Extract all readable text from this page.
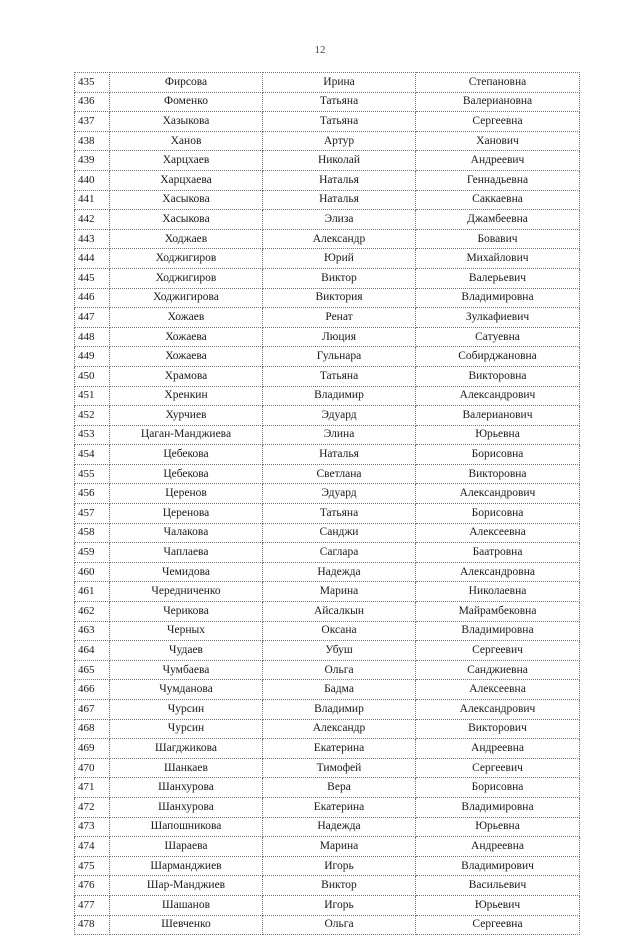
12
435	Фирсова	Ирина	Степановна
436	Фоменко	Татьяна	Валериановна
437	Хазыкова	Татьяна	Сергеевна
438	Ханов	Артур	Ханович
439	Харцхаев	Николай	Андреевич
440	Харцхаева	Наталья	Геннадьевна
441	Хасыкова	Наталья	Саккаевна
442	Хасыкова	Элиза	Джамбеевна
443	Ходжаев	Александр	Бовавич
444	Ходжигиров	Юрий	Михайлович
445	Ходжигиров	Виктор	Валерьевич
446	Ходжигирова	Виктория	Владимировна
447	Хожаев	Ренат	Зулкафиевич
448	Хожаева	Люция	Сатуевна
449	Хожаева	Гульнара	Собирджановна
450	Храмова	Татьяна	Викторовна
451	Хренкин	Владимир	Александрович
452	Хурчиев	Эдуард	Валерианович
453	Цаган-Манджиева	Элина	Юрьевна
454	Цебекова	Наталья	Борисовна
455	Цебекова	Светлана	Викторовна
456	Церенов	Эдуард	Александрович
457	Церенова	Татьяна	Борисовна
458	Чалакова	Санджи	Алексеевна
459	Чаплаева	Саглара	Баатровна
460	Чемидова	Надежда	Александровна
461	Чередниченко	Марина	Николаевна
462	Черикова	Айсалкын	Майрамбековна
463	Черных	Оксана	Владимировна
464	Чудаев	Убуш	Сергеевич
465	Чумбаева	Ольга	Санджиевна
466	Чумданова	Бадма	Алексеевна
467	Чурсин	Владимир	Александрович
468	Чурсин	Александр	Викторович
469	Шагджикова	Екатерина	Андреевна
470	Шанкаев	Тимофей	Сергеевич
471	Шанхурова	Вера	Борисовна
472	Шанхурова	Екатерина	Владимировна
473	Шапошникова	Надежда	Юрьевна
474	Шараева	Марина	Андреевна
475	Шарманджиев	Игорь	Владимирович
476	Шар-Манджиев	Виктор	Васильевич
477	Шашанов	Игорь	Юрьевич
478	Шевченко	Ольга	Сергеевна
